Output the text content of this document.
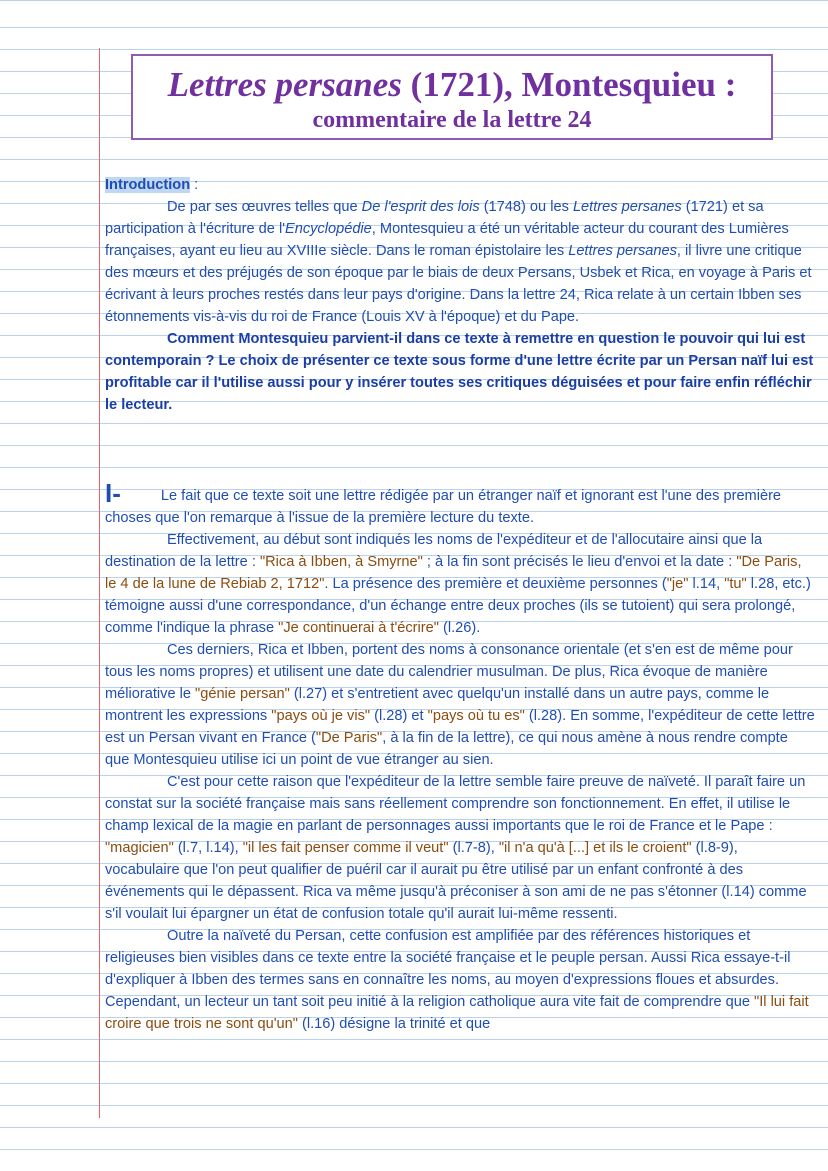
Lettres persanes (1721), Montesquieu :
commentaire de la lettre 24

Introduction :

De par ses œuvres telles que De l'esprit des lois (1748) ou les Lettres persanes (1721) et sa participation à l'écriture de l'Encyclopédie, Montesquieu a été un véritable acteur du courant des Lumières françaises, ayant eu lieu au XVIIIe siècle. Dans le roman épistolaire les Lettres persanes, il livre une critique des mœurs et des préjugés de son époque par le biais de deux Persans, Usbek et Rica, en voyage à Paris et écrivant à leurs proches restés dans leur pays d'origine. Dans la lettre 24, Rica relate à un certain Ibben ses étonnements vis-à-vis du roi de France (Louis XV à l'époque) et du Pape.

Comment Montesquieu parvient-il dans ce texte à remettre en question le pouvoir qui lui est contemporain ? Le choix de présenter ce texte sous forme d'une lettre écrite par un Persan naïf lui est profitable car il l'utilise aussi pour y insérer toutes ses critiques déguisées et pour faire enfin réfléchir le lecteur.

I-	Le fait que ce texte soit une lettre rédigée par un étranger naïf et ignorant est l'une des première choses que l'on remarque à l'issue de la première lecture du texte.

Effectivement, au début sont indiqués les noms de l'expéditeur et de l'allocutaire ainsi que la destination de la lettre : "Rica à Ibben, à Smyrne" ; à la fin sont précisés le lieu d'envoi et la date : "De Paris, le 4 de la lune de Rebiab 2, 1712". La présence des première et deuxième personnes ("je" l.14, "tu" l.28, etc.) témoigne aussi d'une correspondance, d'un échange entre deux proches (ils se tutoient) qui sera prolongé, comme l'indique la phrase "Je continuerai à t'écrire" (l.26).

Ces derniers, Rica et Ibben, portent des noms à consonance orientale (et s'en est de même pour tous les noms propres) et utilisent une date du calendrier musulman. De plus, Rica évoque de manière méliorative le "génie persan" (l.27) et s'entretient avec quelqu'un installé dans un autre pays, comme le montrent les expressions "pays où je vis" (l.28) et "pays où tu es" (l.28). En somme, l'expéditeur de cette lettre est un Persan vivant en France ("De Paris", à la fin de la lettre), ce qui nous amène à nous rendre compte que Montesquieu utilise ici un point de vue étranger au sien.

C'est pour cette raison que l'expéditeur de la lettre semble faire preuve de naïveté. Il paraît faire un constat sur la société française mais sans réellement comprendre son fonctionnement. En effet, il utilise le champ lexical de la magie en parlant de personnages aussi importants que le roi de France et le Pape : "magicien" (l.7, l.14), "il les fait penser comme il veut" (l.7-8), "il n'a qu'à [...] et ils le croient" (l.8-9), vocabulaire que l'on peut qualifier de puéril car il aurait pu être utilisé par un enfant confronté à des événements qui le dépassent. Rica va même jusqu'à préconiser à son ami de ne pas s'étonner (l.14) comme s'il voulait lui épargner un état de confusion totale qu'il aurait lui-même ressenti.

Outre la naïveté du Persan, cette confusion est amplifiée par des références historiques et religieuses bien visibles dans ce texte entre la société française et le peuple persan. Aussi Rica essaye-t-il d'expliquer à Ibben des termes sans en connaître les noms, au moyen d'expressions floues et absurdes. Cependant, un lecteur un tant soit peu initié à la religion catholique aura vite fait de comprendre que "Il lui fait croire que trois ne sont qu'un" (l.16) désigne la trinité et que
